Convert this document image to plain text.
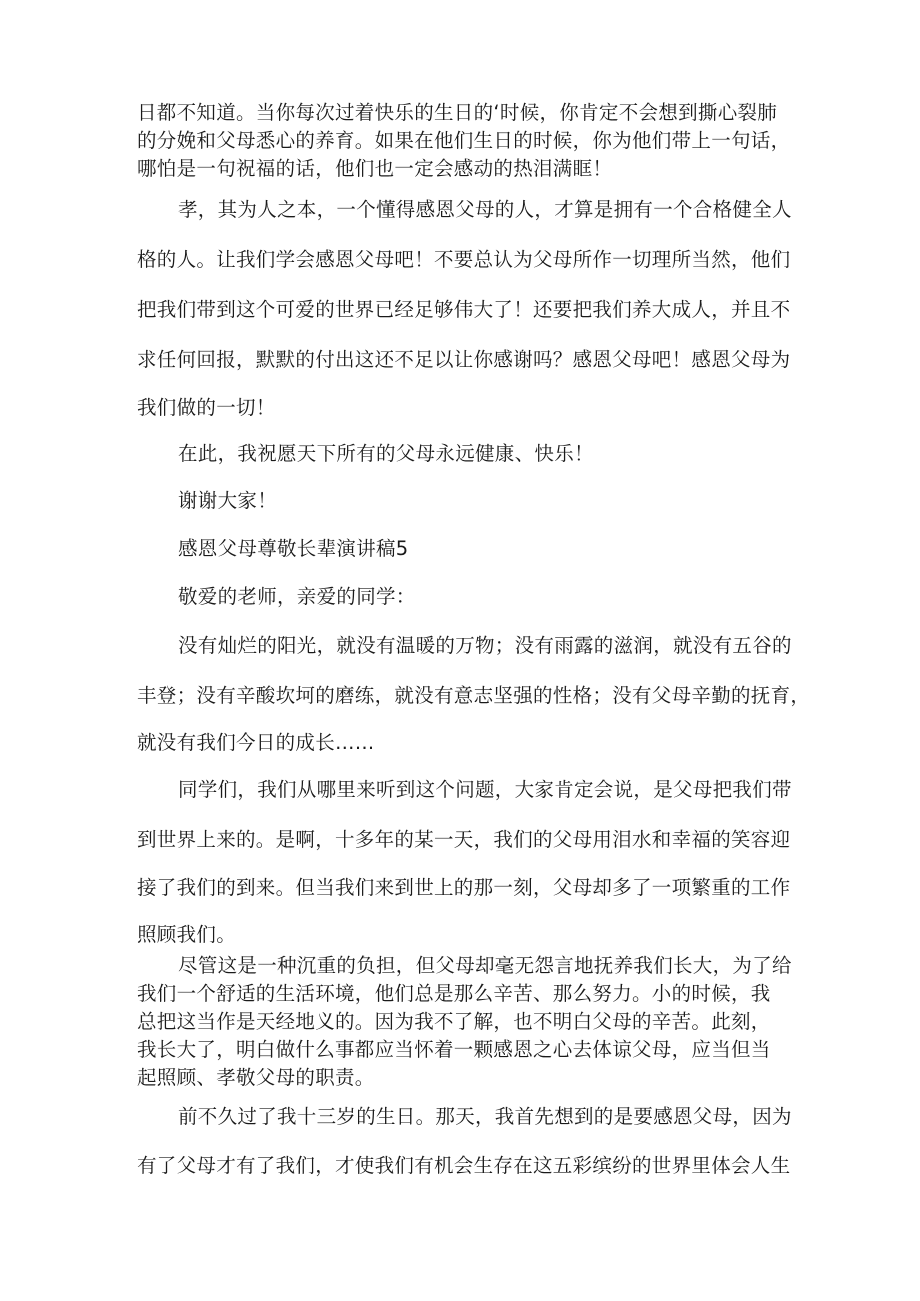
日都不知道。当你每次过着快乐的生日的‘时候，你肯定不会想到撕心裂肺
的分娩和父母悉心的养育。如果在他们生日的时候，你为他们带上一句话，
哪怕是一句祝福的话，他们也一定会感动的热泪满眶！
孝，其为人之本，一个懂得感恩父母的人，才算是拥有一个合格健全人
格的人。让我们学会感恩父母吧！不要总认为父母所作一切理所当然，他们
把我们带到这个可爱的世界已经足够伟大了！还要把我们养大成人，并且不
求任何回报，默默的付出这还不足以让你感谢吗？感恩父母吧！感恩父母为
我们做的一切！
在此，我祝愿天下所有的父母永远健康、快乐！
谢谢大家！
感恩父母尊敬长辈演讲稿5
敬爱的老师，亲爱的同学：
没有灿烂的阳光，就没有温暖的万物；没有雨露的滋润，就没有五谷的
丰登；没有辛酸坎坷的磨练，就没有意志坚强的性格；没有父母辛勤的抚育，
就没有我们今日的成长……
同学们，我们从哪里来听到这个问题，大家肯定会说，是父母把我们带
到世界上来的。是啊，十多年的某一天，我们的父母用泪水和幸福的笑容迎
接了我们的到来。但当我们来到世上的那一刻，父母却多了一项繁重的工作
照顾我们。
尽管这是一种沉重的负担，但父母却毫无怨言地抚养我们长大，为了给
我们一个舒适的生活环境，他们总是那么辛苦、那么努力。小的时候，我
总把这当作是天经地义的。因为我不了解，也不明白父母的辛苦。此刻，
我长大了，明白做什么事都应当怀着一颗感恩之心去体谅父母，应当但当
起照顾、孝敬父母的职责。
前不久过了我十三岁的生日。那天，我首先想到的是要感恩父母，因为
有了父母才有了我们，才使我们有机会生存在这五彩缤纷的世界里体会人生
